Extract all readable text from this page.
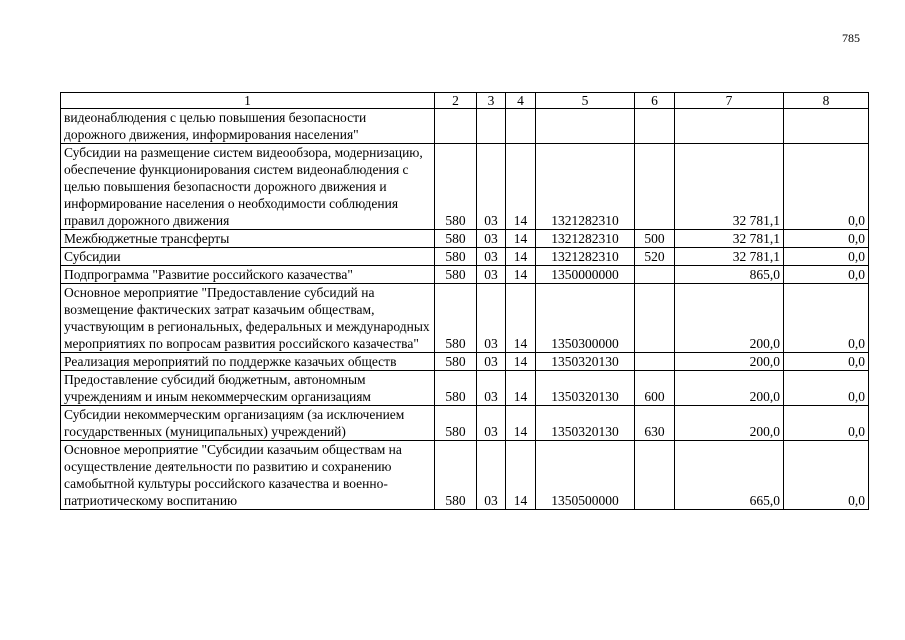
785
1	2	3	4	5	6	7	8
видеонаблюдения с целью повышения безопасности дорожного движения, информирования населения"							
Субсидии на размещение систем видеообзора, модернизацию, обеспечение функционирования систем видеонаблюдения с целью повышения безопасности дорожного движения и информирование населения о необходимости соблюдения правил дорожного движения	580	03	14	1321282310		32 781,1	0,0
Межбюджетные трансферты	580	03	14	1321282310	500	32 781,1	0,0
Субсидии	580	03	14	1321282310	520	32 781,1	0,0
Подпрограмма "Развитие российского казачества"	580	03	14	1350000000		865,0	0,0
Основное мероприятие "Предоставление субсидий на возмещение фактических затрат казачьим обществам, участвующим в региональных, федеральных и международных мероприятиях по вопросам развития российского казачества"	580	03	14	1350300000		200,0	0,0
Реализация мероприятий по поддержке казачьих обществ	580	03	14	1350320130		200,0	0,0
Предоставление субсидий бюджетным, автономным учреждениям и иным некоммерческим организациям	580	03	14	1350320130	600	200,0	0,0
Субсидии некоммерческим организациям (за исключением государственных (муниципальных) учреждений)	580	03	14	1350320130	630	200,0	0,0
Основное мероприятие "Субсидии казачьим обществам на осуществление деятельности по развитию и сохранению самобытной культуры российского казачества и военно-патриотическому воспитанию	580	03	14	1350500000		665,0	0,0
